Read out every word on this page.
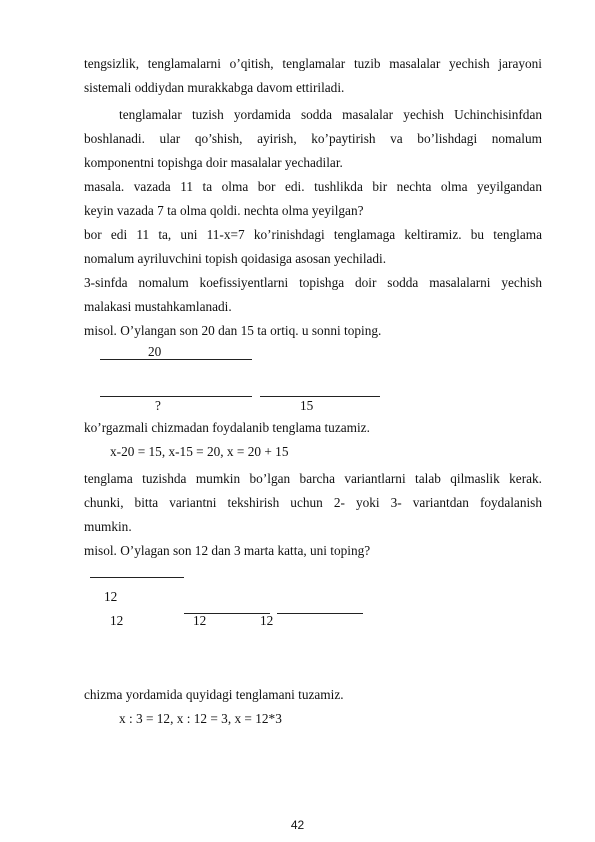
tengsizlik, tenglamalarni o’qitish, tenglamalar tuzib masalalar yechish jarayoni
sistemali oddiydan murakkabga davom ettiriladi.
tenglamalar tuzish yordamida sodda masalalar yechish Uchinchisinfdan
boshlanadi. ular qo’shish, ayirish, ko’paytirish va bo’lishdagi nomalum
komponentni topishga doir masalalar yechadilar.
masala. vazada 11 ta olma bor edi. tushlikda bir nechta olma yeyilgandan
keyin vazada 7 ta olma qoldi. nechta olma yeyilgan?
bor edi 11 ta, uni 11-x=7 ko’rinishdagi tenglamaga keltiramiz. bu tenglama
nomalum ayriluvchini topish qoidasiga asosan yechiladi.
3-sinfda nomalum koefissiyentlarni topishga doir sodda masalalarni yechish
malakasi mustahkamlanadi.
misol. O’ylangan son 20 dan 15 ta ortiq. u sonni toping.
20
?	15
ko’rgazmali chizmadan foydalanib tenglama tuzamiz.
x-20 = 15, x-15 = 20, x = 20 + 15
tenglama tuzishda mumkin bo’lgan barcha variantlarni talab qilmaslik kerak.
chunki, bitta variantni tekshirish uchun 2- yoki 3- variantdan foydalanish
mumkin.
misol. O’ylagan son 12 dan 3 marta katta, uni toping?
12
12	12	12
chizma yordamida quyidagi tenglamani tuzamiz.
x : 3 = 12, x : 12 = 3, x = 12*3
42
